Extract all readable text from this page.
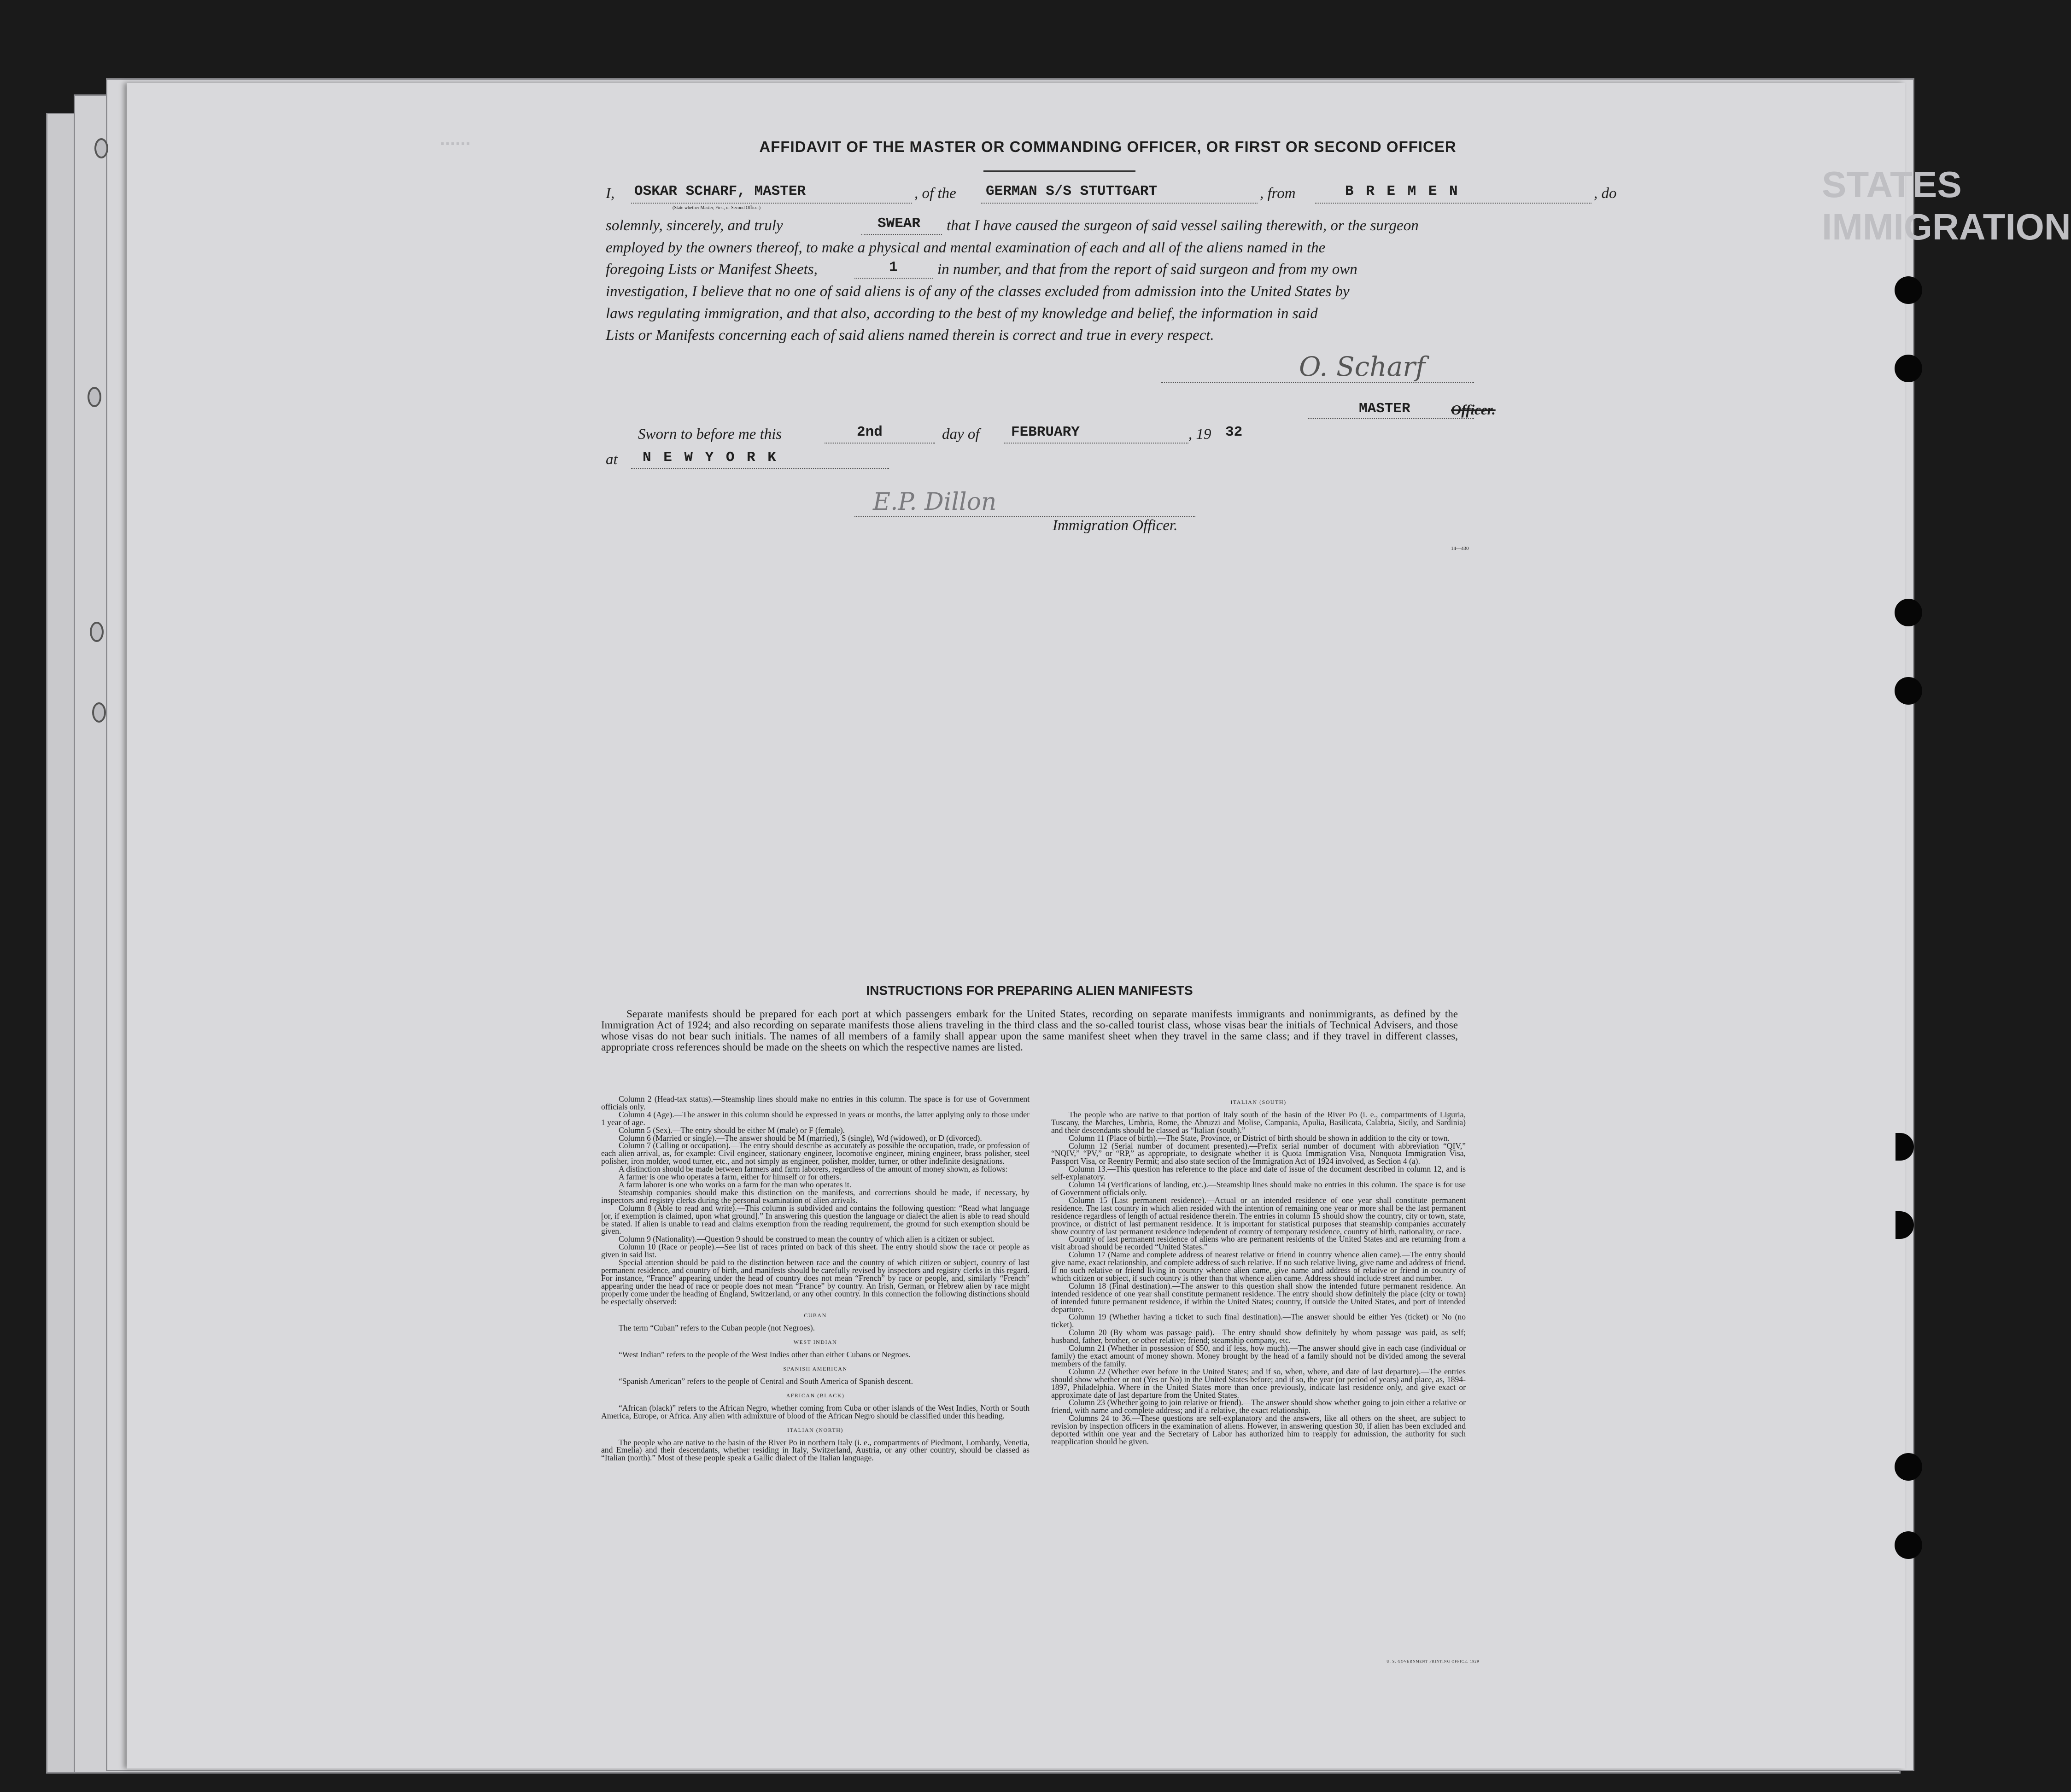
STATES IMMIGRATION
......	AFFIDAVIT OF THE MASTER OR COMMANDING OFFICER, OR FIRST OR SECOND OFFICER
I, OSKAR SCHARF, MASTER	, of the GERMAN S/S STUTTGART	, from	B R E M E N	, do
(State whether Master, First, or Second Officer)
solemnly, sincerely, and truly	SWEAR that I have caused the surgeon of said vessel sailing therewith, or the surgeon
employed by the owners thereof, to make a physical and mental examination of each and all of the aliens named in the
foregoing Lists or Manifest Sheets,	1	in number, and that from the report of said surgeon and from my own
investigation, I believe that no one of said aliens is of any of the classes excluded from admission into the United States by
laws regulating immigration, and that also, according to the best of my knowledge and belief, the information in said
Lists or Manifests concerning each of said aliens named therein is correct and true in every respect.
O. Scharf
MASTER	Officer.
Sworn to before me this	2nd	day of FEBRUARY	, 19 32
at N E W Y O R K
E.P. Dillon
Immigration Officer.
14—430
INSTRUCTIONS FOR PREPARING ALIEN MANIFESTS
Separate manifests should be prepared for each port at which passengers embark for the United States, recording on separate manifests immigrants and nonimmigrants, as defined by the Immigration Act of 1924; and also recording on separate manifests those aliens traveling in the third class and the so-called tourist class, whose visas bear the initials of Technical Advisers, and those whose visas do not bear such initials. The names of all members of a family shall appear upon the same manifest sheet when they travel in the same class; and if they travel in different classes, appropriate cross references should be made on the sheets on which the respective names are listed.

Column 2 (Head-tax status).—Steamship lines should make no entries in this column. The space is for use of Government officials only.

Column 4 (Age).—The answer in this column should be expressed in years or months, the latter applying only to those under 1 year of age.

Column 5 (Sex).—The entry should be either M (male) or F (female).

Column 6 (Married or single).—The answer should be M (married), S (single), Wd (widowed), or D (divorced).

Column 7 (Calling or occupation).—The entry should describe as accurately as possible the occupation, trade, or profession of each alien arrival, as, for example: Civil engineer, stationary engineer, locomotive engineer, mining engineer, brass polisher, steel polisher, iron molder, wood turner, etc., and not simply as engineer, polisher, molder, turner, or other indefinite designations.

A distinction should be made between farmers and farm laborers, regardless of the amount of money shown, as follows:

A farmer is one who operates a farm, either for himself or for others.

A farm laborer is one who works on a farm for the man who operates it.

Steamship companies should make this distinction on the manifests, and corrections should be made, if necessary, by inspectors and registry clerks during the personal examination of alien arrivals.

Column 8 (Able to read and write).—This column is subdivided and contains the following question: “Read what language [or, if exemption is claimed, upon what ground].” In answering this question the language or dialect the alien is able to read should be stated. If alien is unable to read and claims exemption from the reading requirement, the ground for such exemption should be given.

Column 9 (Nationality).—Question 9 should be construed to mean the country of which alien is a citizen or subject.

Column 10 (Race or people).—See list of races printed on back of this sheet. The entry should show the race or people as given in said list.

Special attention should be paid to the distinction between race and the country of which citizen or subject, country of last permanent residence, and country of birth, and manifests should be carefully revised by inspectors and registry clerks in this regard. For instance, “France” appearing under the head of country does not mean “French” by race or people, and, similarly “French” appearing under the head of race or people does not mean “France” by country. An Irish, German, or Hebrew alien by race might properly come under the heading of England, Switzerland, or any other country. In this connection the following distinctions should be especially observed:

CUBAN

The term “Cuban” refers to the Cuban people (not Negroes).

WEST INDIAN

“West Indian” refers to the people of the West Indies other than either Cubans or Negroes.

SPANISH AMERICAN

“Spanish American” refers to the people of Central and South America of Spanish descent.

AFRICAN (BLACK)

“African (black)” refers to the African Negro, whether coming from Cuba or other islands of the West Indies, North or South America, Europe, or Africa. Any alien with admixture of blood of the African Negro should be classified under this heading.

ITALIAN (NORTH)

The people who are native to the basin of the River Po in northern Italy (i. e., compartments of Piedmont, Lombardy, Venetia, and Emelia) and their descendants, whether residing in Italy, Switzerland, Austria, or any other country, should be classed as “Italian (north).” Most of these people speak a Gallic dialect of the Italian language.

ITALIAN (SOUTH)

The people who are native to that portion of Italy south of the basin of the River Po (i. e., compartments of Liguria, Tuscany, the Marches, Umbria, Rome, the Abruzzi and Molise, Campania, Apulia, Basilicata, Calabria, Sicily, and Sardinia) and their descendants should be classed as “Italian (south).”

Column 11 (Place of birth).—The State, Province, or District of birth should be shown in addition to the city or town.

Column 12 (Serial number of document presented).—Prefix serial number of document with abbreviation “QIV,” “NQIV,” “PV,” or “RP,” as appropriate, to designate whether it is Quota Immigration Visa, Nonquota Immigration Visa, Passport Visa, or Reentry Permit; and also state section of the Immigration Act of 1924 involved, as Section 4 (a).

Column 13.—This question has reference to the place and date of issue of the document described in column 12, and is self-explanatory.

Column 14 (Verifications of landing, etc.).—Steamship lines should make no entries in this column. The space is for use of Government officials only.

Column 15 (Last permanent residence).—Actual or an intended residence of one year shall constitute permanent residence. The last country in which alien resided with the intention of remaining one year or more shall be the last permanent residence regardless of length of actual residence therein. The entries in column 15 should show the country, city or town, state, province, or district of last permanent residence. It is important for statistical purposes that steamship companies accurately show country of last permanent residence independent of country of temporary residence, country of birth, nationality, or race.

Country of last permanent residence of aliens who are permanent residents of the United States and are returning from a visit abroad should be recorded “United States.”

Column 17 (Name and complete address of nearest relative or friend in country whence alien came).—The entry should give name, exact relationship, and complete address of such relative. If no such relative living, give name and address of friend. If no such relative or friend living in country whence alien came, give name and address of relative or friend in country of which citizen or subject, if such country is other than that whence alien came. Address should include street and number.

Column 18 (Final destination).—The answer to this question shall show the intended future permanent residence. An intended residence of one year shall constitute permanent residence. The entry should show definitely the place (city or town) of intended future permanent residence, if within the United States; country, if outside the United States, and port of intended departure.

Column 19 (Whether having a ticket to such final destination).—The answer should be either Yes (ticket) or No (no ticket).

Column 20 (By whom was passage paid).—The entry should show definitely by whom passage was paid, as self; husband, father, brother, or other relative; friend; steamship company, etc.

Column 21 (Whether in possession of $50, and if less, how much).—The answer should give in each case (individual or family) the exact amount of money shown. Money brought by the head of a family should not be divided among the several members of the family.

Column 22 (Whether ever before in the United States; and if so, when, where, and date of last departure).—The entries should show whether or not (Yes or No) in the United States before; and if so, the year (or period of years) and place, as, 1894-1897, Philadelphia. Where in the United States more than once previously, indicate last residence only, and give exact or approximate date of last departure from the United States.

Column 23 (Whether going to join relative or friend).—The answer should show whether going to join either a relative or friend, with name and complete address; and if a relative, the exact relationship.

Columns 24 to 36.—These questions are self-explanatory and the answers, like all others on the sheet, are subject to revision by inspection officers in the examination of aliens. However, in answering question 30, if alien has been excluded and deported within one year and the Secretary of Labor has authorized him to reapply for admission, the authority for such reapplication should be given.

U. S. GOVERNMENT PRINTING OFFICE: 1929
